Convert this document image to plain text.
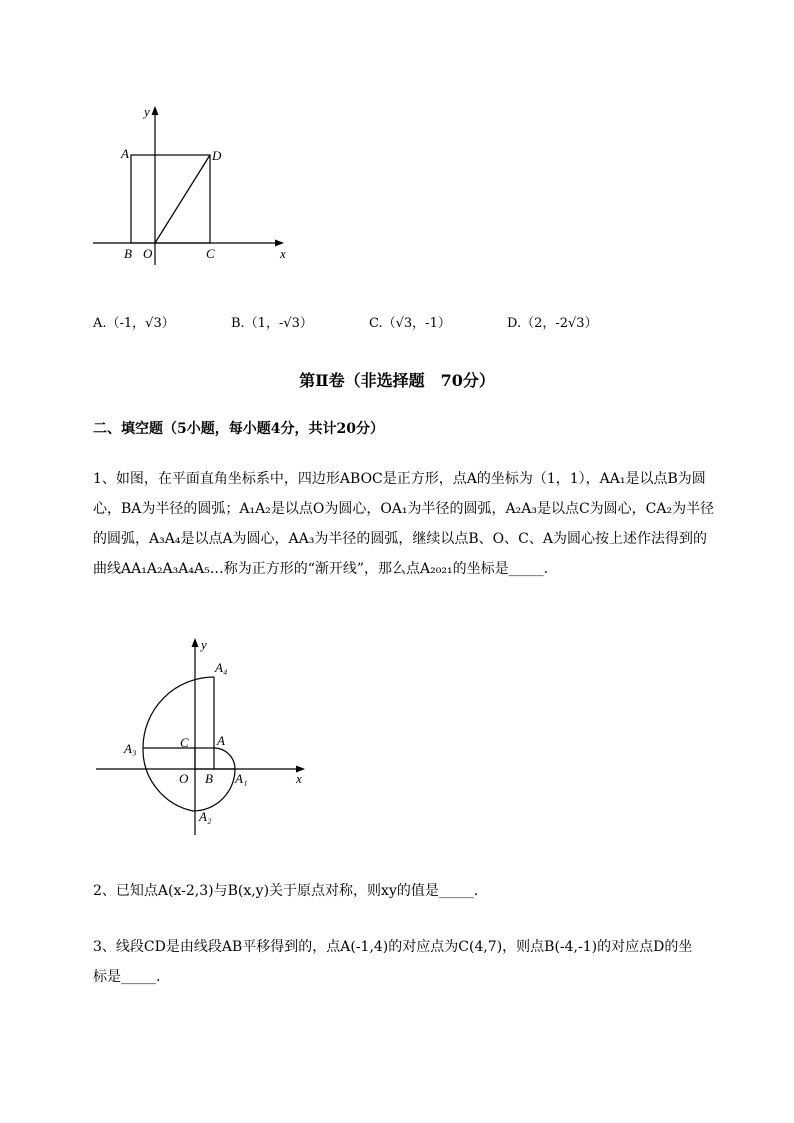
y
x
A	D
B O	C
A.（-1，√3）	B.（1，-√3）	C.（√3，-1）	D.（2，-2√3）
第Ⅱ卷（非选择题　70分）
二、填空题（5小题，每小题4分，共计20分）
1、如图，在平面直角坐标系中，四边形ABOC是正方形，点A的坐标为（1，1），AA₁是以点B为圆
心，BA为半径的圆弧；A₁A₂是以点O为圆心，OA₁为半径的圆弧，A₂A₃是以点C为圆心，CA₂为半径
的圆弧，A₃A₄是以点A为圆心，AA₃为半径的圆弧，继续以点B、O、C、A为圆心按上述作法得到的
曲线AA₁A₂A₃A₄A₅…称为正方形的“渐开线”，那么点A₂₀₂₁的坐标是_____.
y
x
A₄
C A
A₃
O B A₁
A₂
2、已知点A(x-2,3)与B(x,y)关于原点对称，则xy的值是_____.
3、线段CD是由线段AB平移得到的，点A(-1,4)的对应点为C(4,7)，则点B(-4,-1)的对应点D的坐
标是_____.
